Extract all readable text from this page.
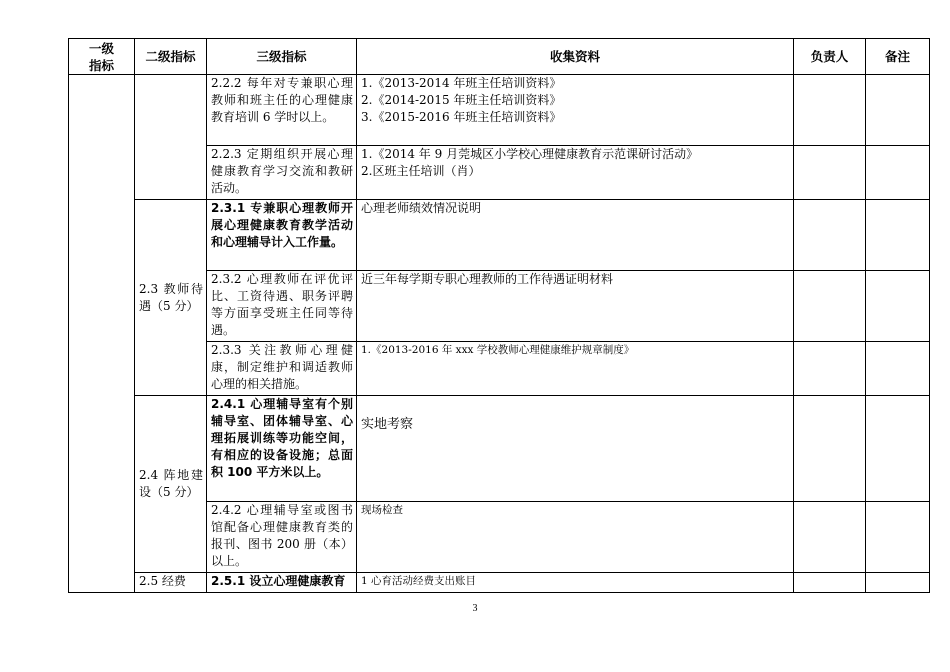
一级
指标	二级指标	三级指标	收集资料	负责人	备注
		2.2.2 每年对专兼职心理教师和班主任的心理健康教育培训 6 学时以上。	1.《2013-2014 年班主任培训资料》
2.《2014-2015 年班主任培训资料》
3.《2015-2016 年班主任培训资料》		

		2.2.3 定期组织开展心理健康教育学习交流和教研活动。	1.《2014 年 9 月莞城区小学校心理健康教育示范课研讨活动》
2.区班主任培训（肖）		

	2.3 教师待遇（5 分）	2.3.1 专兼职心理教师开展心理健康教育教学活动和心理辅导计入工作量。	心理老师绩效情况说明		

		2.3.2 心理教师在评优评比、工资待遇、职务评聘等方面享受班主任同等待遇。	近三年每学期专职心理教师的工作待遇证明材料		

		2.3.3 关注教师心理健康，制定维护和调适教师心理的相关措施。	1.《2013-2016 年 xxx 学校教师心理健康维护规章制度》		

	2.4 阵地建设（5 分）	2.4.1 心理辅导室有个别辅导室、团体辅导室、心理拓展训练等功能空间，有相应的设备设施；总面积 100 平方米以上。	实地考察		

		2.4.2 心理辅导室或图书馆配备心理健康教育类的报刊、图书 200 册（本）以上。	现场检查		

	2.5 经费	2.5.1 设立心理健康教育	1 心育活动经费支出账目		

3
